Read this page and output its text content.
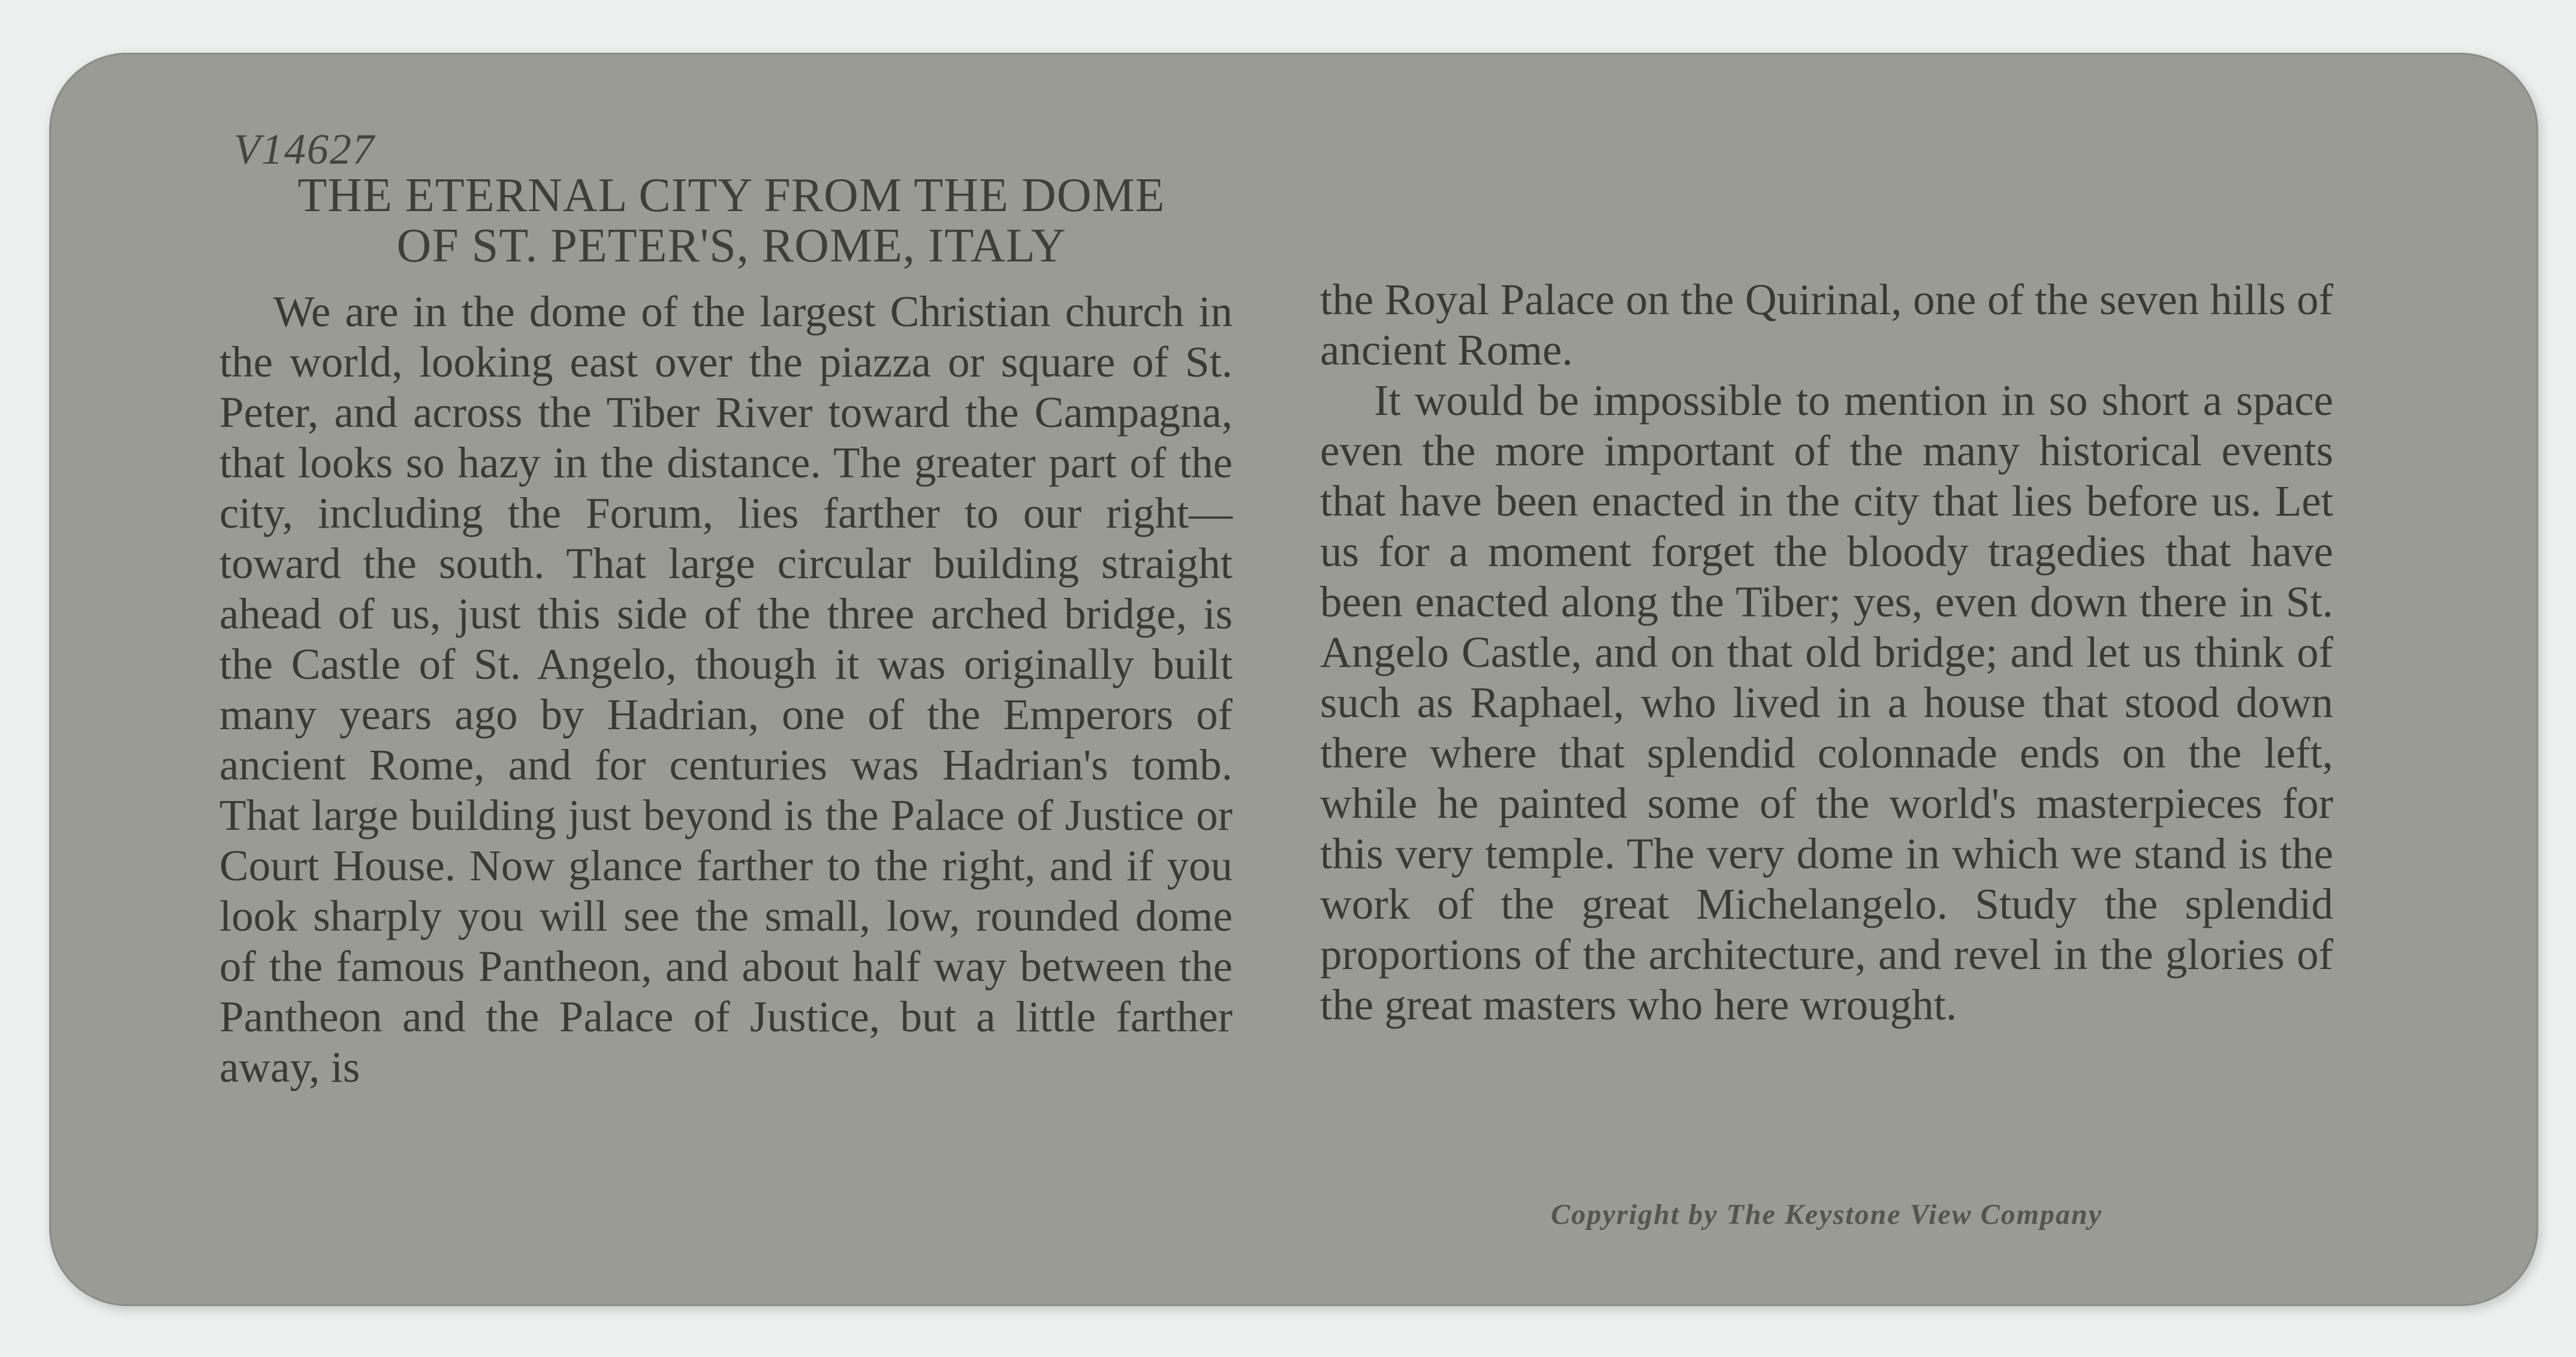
V14627
THE ETERNAL CITY FROM THE DOME
OF ST. PETER'S, ROME, ITALY

We are in the dome of the largest Christian church in the world, looking east over the piazza or square of St. Peter, and across the Tiber River toward the Campagna, that looks so hazy in the distance. The greater part of the city, including the Forum, lies farther to our right—toward the south. That large circular building straight ahead of us, just this side of the three arched bridge, is the Castle of St. Angelo, though it was originally built many years ago by Hadrian, one of the Emperors of ancient Rome, and for centuries was Hadrian's tomb. That large building just beyond is the Palace of Justice or Court House. Now glance farther to the right, and if you look sharply you will see the small, low, rounded dome of the famous Pantheon, and about half way between the Pantheon and the Palace of Justice, but a little farther away, is

the Royal Palace on the Quirinal, one of the seven hills of ancient Rome.

It would be impossible to mention in so short a space even the more important of the many historical events that have been enacted in the city that lies before us. Let us for a moment forget the bloody tragedies that have been enacted along the Tiber; yes, even down there in St. Angelo Castle, and on that old bridge; and let us think of such as Raphael, who lived in a house that stood down there where that splendid colonnade ends on the left, while he painted some of the world's masterpieces for this very temple. The very dome in which we stand is the work of the great Michelangelo. Study the splendid proportions of the architecture, and revel in the glories of the great masters who here wrought.

Copyright by The Keystone View Company
